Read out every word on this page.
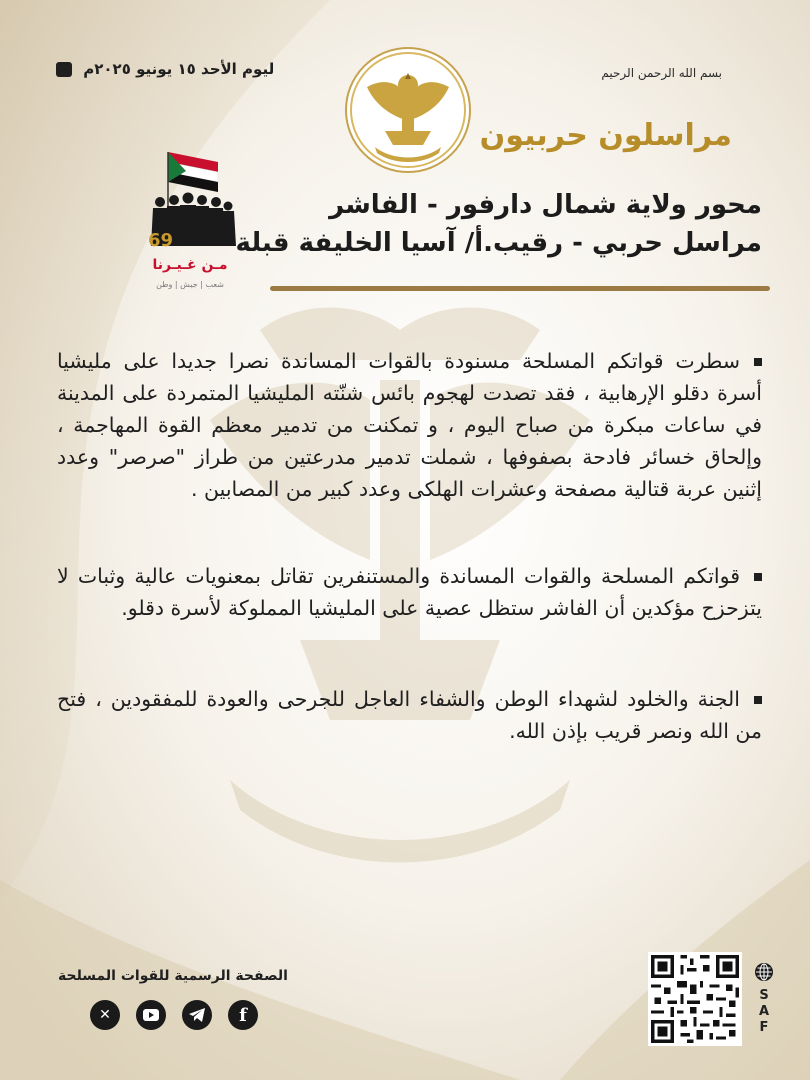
ليوم الأحد ١٥ يونيو ٢٠٢٥م	بسم الله الرحمن الرحيم
مراسلون حربيون
69
مـن غـيـرنا
شعب | جيش | وطن
محور ولاية شمال دارفور - الفاشر
مراسل حربي - رقيب.أ/ آسيا الخليفة قبلة
سطرت قواتكم المسلحة مسنودة بالقوات المساندة نصرا جديدا على مليشيا أسرة دقلو الإرهابية ، فقد تصدت لهجوم بائس شنّته المليشيا المتمردة على المدينة في ساعات مبكرة من صباح اليوم ، و تمكنت من تدمير معظم القوة المهاجمة ، وإلحاق خسائر فادحة بصفوفها ، شملت تدمير مدرعتين من طراز "صرصر" وعدد إثنين عربة قتالية مصفحة وعشرات الهلكى وعدد كبير من المصابين .
قواتكم المسلحة والقوات المساندة والمستنفرين تقاتل بمعنويات عالية وثبات لا يتزحزح مؤكدين أن الفاشر ستظل عصية على المليشيا المملوكة لأسرة دقلو.
الجنة والخلود لشهداء الوطن والشفاء العاجل للجرحى والعودة للمفقودين ، فتح من الله ونصر قريب بإذن الله.
الصفحة الرسمية للقوات المسلحة
✕	f
S
A
F
